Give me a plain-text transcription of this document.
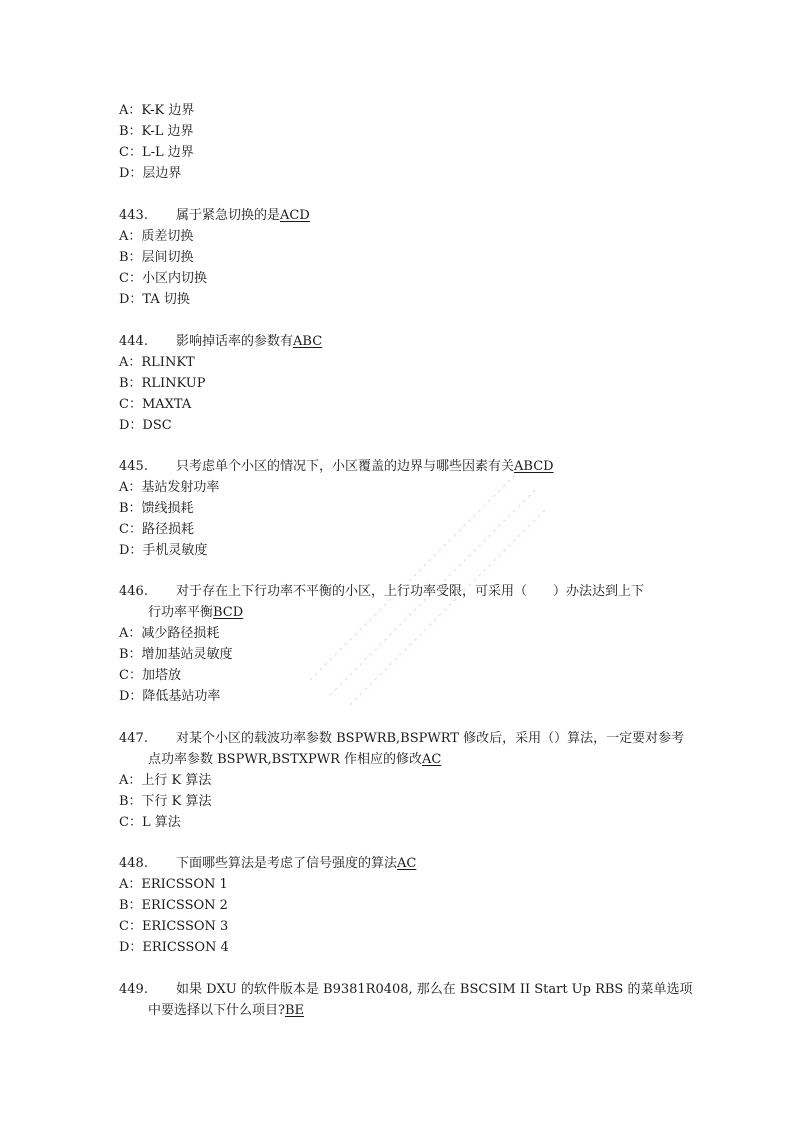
A：K-K 边界
B：K-L 边界
C：L-L 边界
D：层边界
443. 属于紧急切换的是ACD
A：质差切换
B：层间切换
C：小区内切换
D：TA 切换
444. 影响掉话率的参数有ABC
A：RLINKT
B：RLINKUP
C：MAXTA
D：DSC
445. 只考虑单个小区的情况下，小区覆盖的边界与哪些因素有关ABCD
A：基站发射功率
B：馈线损耗
C：路径损耗
D：手机灵敏度
446. 对于存在上下行功率不平衡的小区，上行功率受限，可采用（　　）办法达到上下
行功率平衡BCD
A：减少路径损耗
B：增加基站灵敏度
C：加塔放
D：降低基站功率
447. 对某个小区的载波功率参数 BSPWRB,BSPWRT 修改后，采用（）算法，一定要对参考
点功率参数 BSPWR,BSTXPWR 作相应的修改AC
A：上行 K 算法
B：下行 K 算法
C：L 算法
448. 下面哪些算法是考虑了信号强度的算法AC
A：ERICSSON 1
B：ERICSSON 2
C：ERICSSON 3
D：ERICSSON 4
449. 如果 DXU 的软件版本是 B9381R0408, 那么在 BSCSIM II Start Up RBS 的菜单选项
中要选择以下什么项目?BE
